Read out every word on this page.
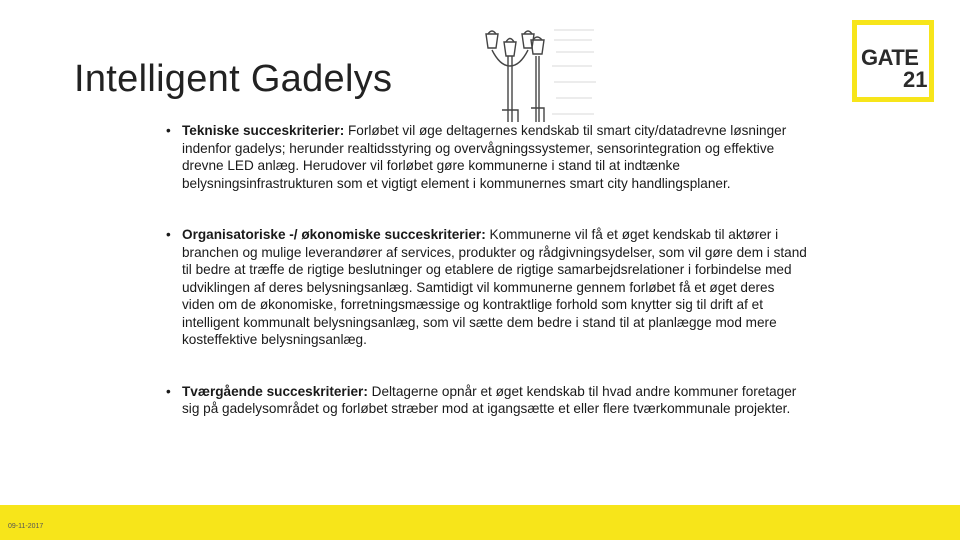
Intelligent Gadelys
GATE
21
• Tekniske succeskriterier: Forløbet vil øge deltagernes kendskab til smart city/datadrevne løsninger indenfor gadelys; herunder realtidsstyring og overvågningssystemer, sensorintegration og effektive drevne LED anlæg. Herudover vil forløbet gøre kommunerne i stand til at indtænke belysningsinfrastrukturen som et vigtigt element i kommunernes smart city handlingsplaner.
• Organisatoriske -/ økonomiske succeskriterier: Kommunerne vil få et øget kendskab til aktører i branchen og mulige leverandører af services, produkter og rådgivningsydelser, som vil gøre dem i stand til bedre at træffe de rigtige beslutninger og etablere de rigtige samarbejdsrelationer i forbindelse med udviklingen af deres belysningsanlæg. Samtidigt vil kommunerne gennem forløbet få et øget deres viden om de økonomiske, forretningsmæssige og kontraktlige forhold som knytter sig til drift af et intelligent kommunalt belysningsanlæg, som vil sætte dem bedre i stand til at planlægge mod mere kosteffektive belysningsanlæg.
• Tværgående succeskriterier: Deltagerne opnår et øget kendskab til hvad andre kommuner foretager sig på gadelysområdet og forløbet stræber mod at igangsætte et eller flere tværkommunale projekter.
09-11-2017
